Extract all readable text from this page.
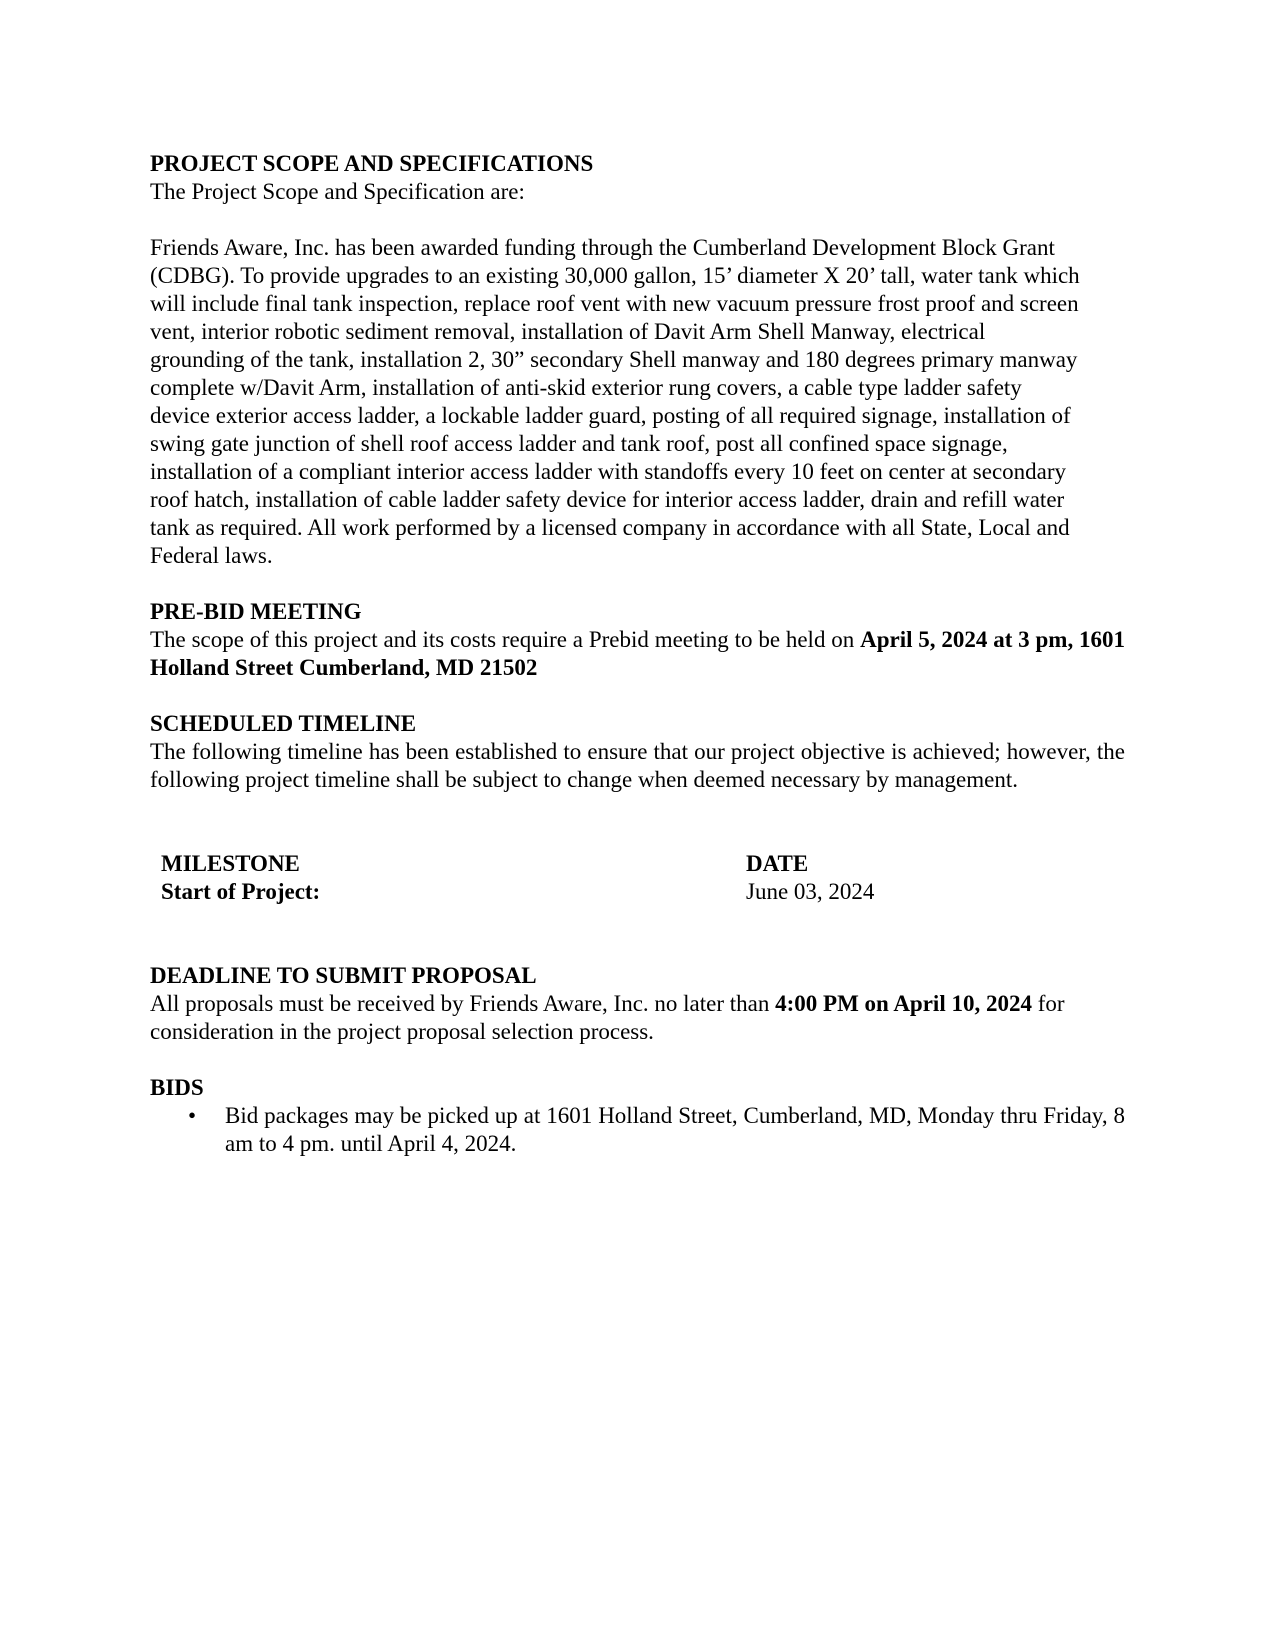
PROJECT SCOPE AND SPECIFICATIONS

The Project Scope and Specification are:

Friends Aware, Inc. has been awarded funding through the Cumberland Development Block Grant (CDBG). To provide upgrades to an existing 30,000 gallon, 15’ diameter X 20’ tall, water tank which will include final tank inspection, replace roof vent with new vacuum pressure frost proof and screen vent, interior robotic sediment removal, installation of Davit Arm Shell Manway, electrical grounding of the tank, installation 2, 30” secondary Shell manway and 180 degrees primary manway complete w/Davit Arm, installation of anti-skid exterior rung covers, a cable type ladder safety device exterior access ladder, a lockable ladder guard, posting of all required signage, installation of swing gate junction of shell roof access ladder and tank roof, post all confined space signage, installation of a compliant interior access ladder with standoffs every 10 feet on center at secondary roof hatch, installation of cable ladder safety device for interior access ladder, drain and refill water tank as required. All work performed by a licensed company in accordance with all State, Local and Federal laws.

PRE-BID MEETING

The scope of this project and its costs require a Prebid meeting to be held on April 5, 2024 at 3 pm, 1601 Holland Street Cumberland, MD 21502

SCHEDULED TIMELINE

The following timeline has been established to ensure that our project objective is achieved; however, the following project timeline shall be subject to change when deemed necessary by management.

MILESTONE
Start of Project:
DATE
June 03, 2024

DEADLINE TO SUBMIT PROPOSAL

All proposals must be received by Friends Aware, Inc. no later than 4:00 PM on April 10, 2024 for consideration in the project proposal selection process.

BIDS

• Bid packages may be picked up at 1601 Holland Street, Cumberland, MD, Monday thru Friday, 8 am to 4 pm. until April 4, 2024.
